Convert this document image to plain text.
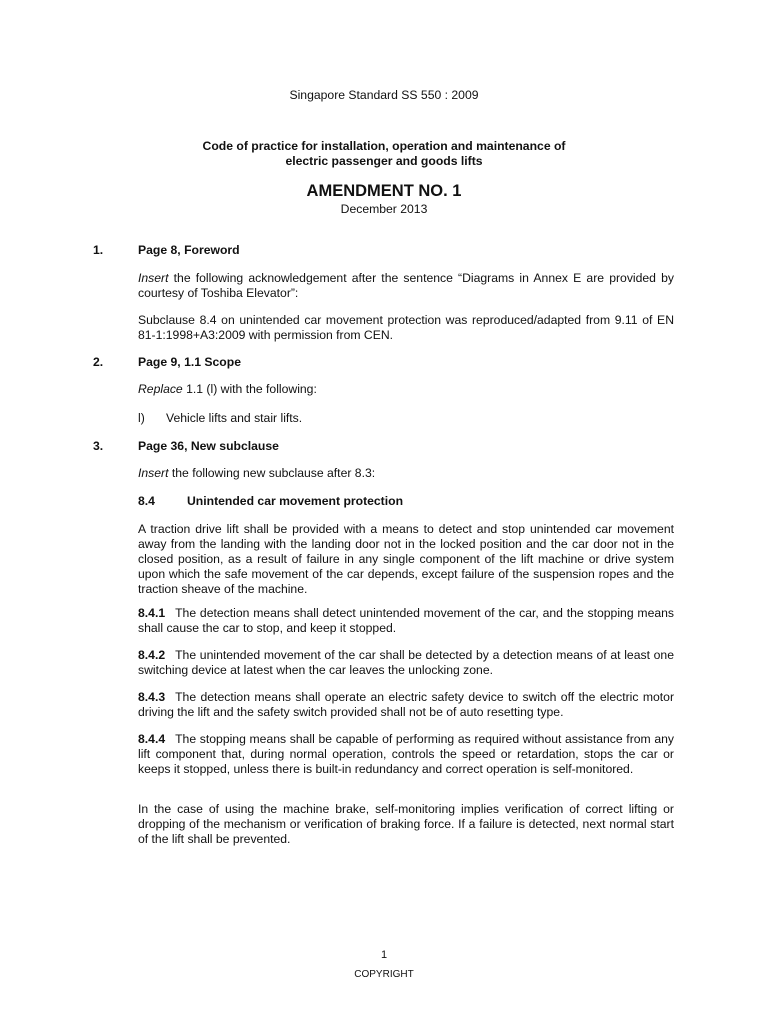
Singapore Standard SS 550 : 2009
Code of practice for installation, operation and maintenance of
electric passenger and goods lifts
AMENDMENT NO. 1
December 2013
1.	Page 8, Foreword
Insert the following acknowledgement after the sentence “Diagrams in Annex E are provided by courtesy of Toshiba Elevator”:
Subclause 8.4 on unintended car movement protection was reproduced/adapted from 9.11 of EN 81-1:1998+A3:2009 with permission from CEN.
2.	Page 9, 1.1 Scope
Replace 1.1 (l) with the following:
l) Vehicle lifts and stair lifts.
3.	Page 36, New subclause
Insert the following new subclause after 8.3:
8.4	Unintended car movement protection
A traction drive lift shall be provided with a means to detect and stop unintended car movement away from the landing with the landing door not in the locked position and the car door not in the closed position, as a result of failure in any single component of the lift machine or drive system upon which the safe movement of the car depends, except failure of the suspension ropes and the traction sheave of the machine.
8.4.1 The detection means shall detect unintended movement of the car, and the stopping means shall cause the car to stop, and keep it stopped.
8.4.2 The unintended movement of the car shall be detected by a detection means of at least one switching device at latest when the car leaves the unlocking zone.
8.4.3 The detection means shall operate an electric safety device to switch off the electric motor driving the lift and the safety switch provided shall not be of auto resetting type.
8.4.4 The stopping means shall be capable of performing as required without assistance from any lift component that, during normal operation, controls the speed or retardation, stops the car or keeps it stopped, unless there is built-in redundancy and correct operation is self-monitored.
In the case of using the machine brake, self-monitoring implies verification of correct lifting or dropping of the mechanism or verification of braking force. If a failure is detected, next normal start of the lift shall be prevented.
1
COPYRIGHT
